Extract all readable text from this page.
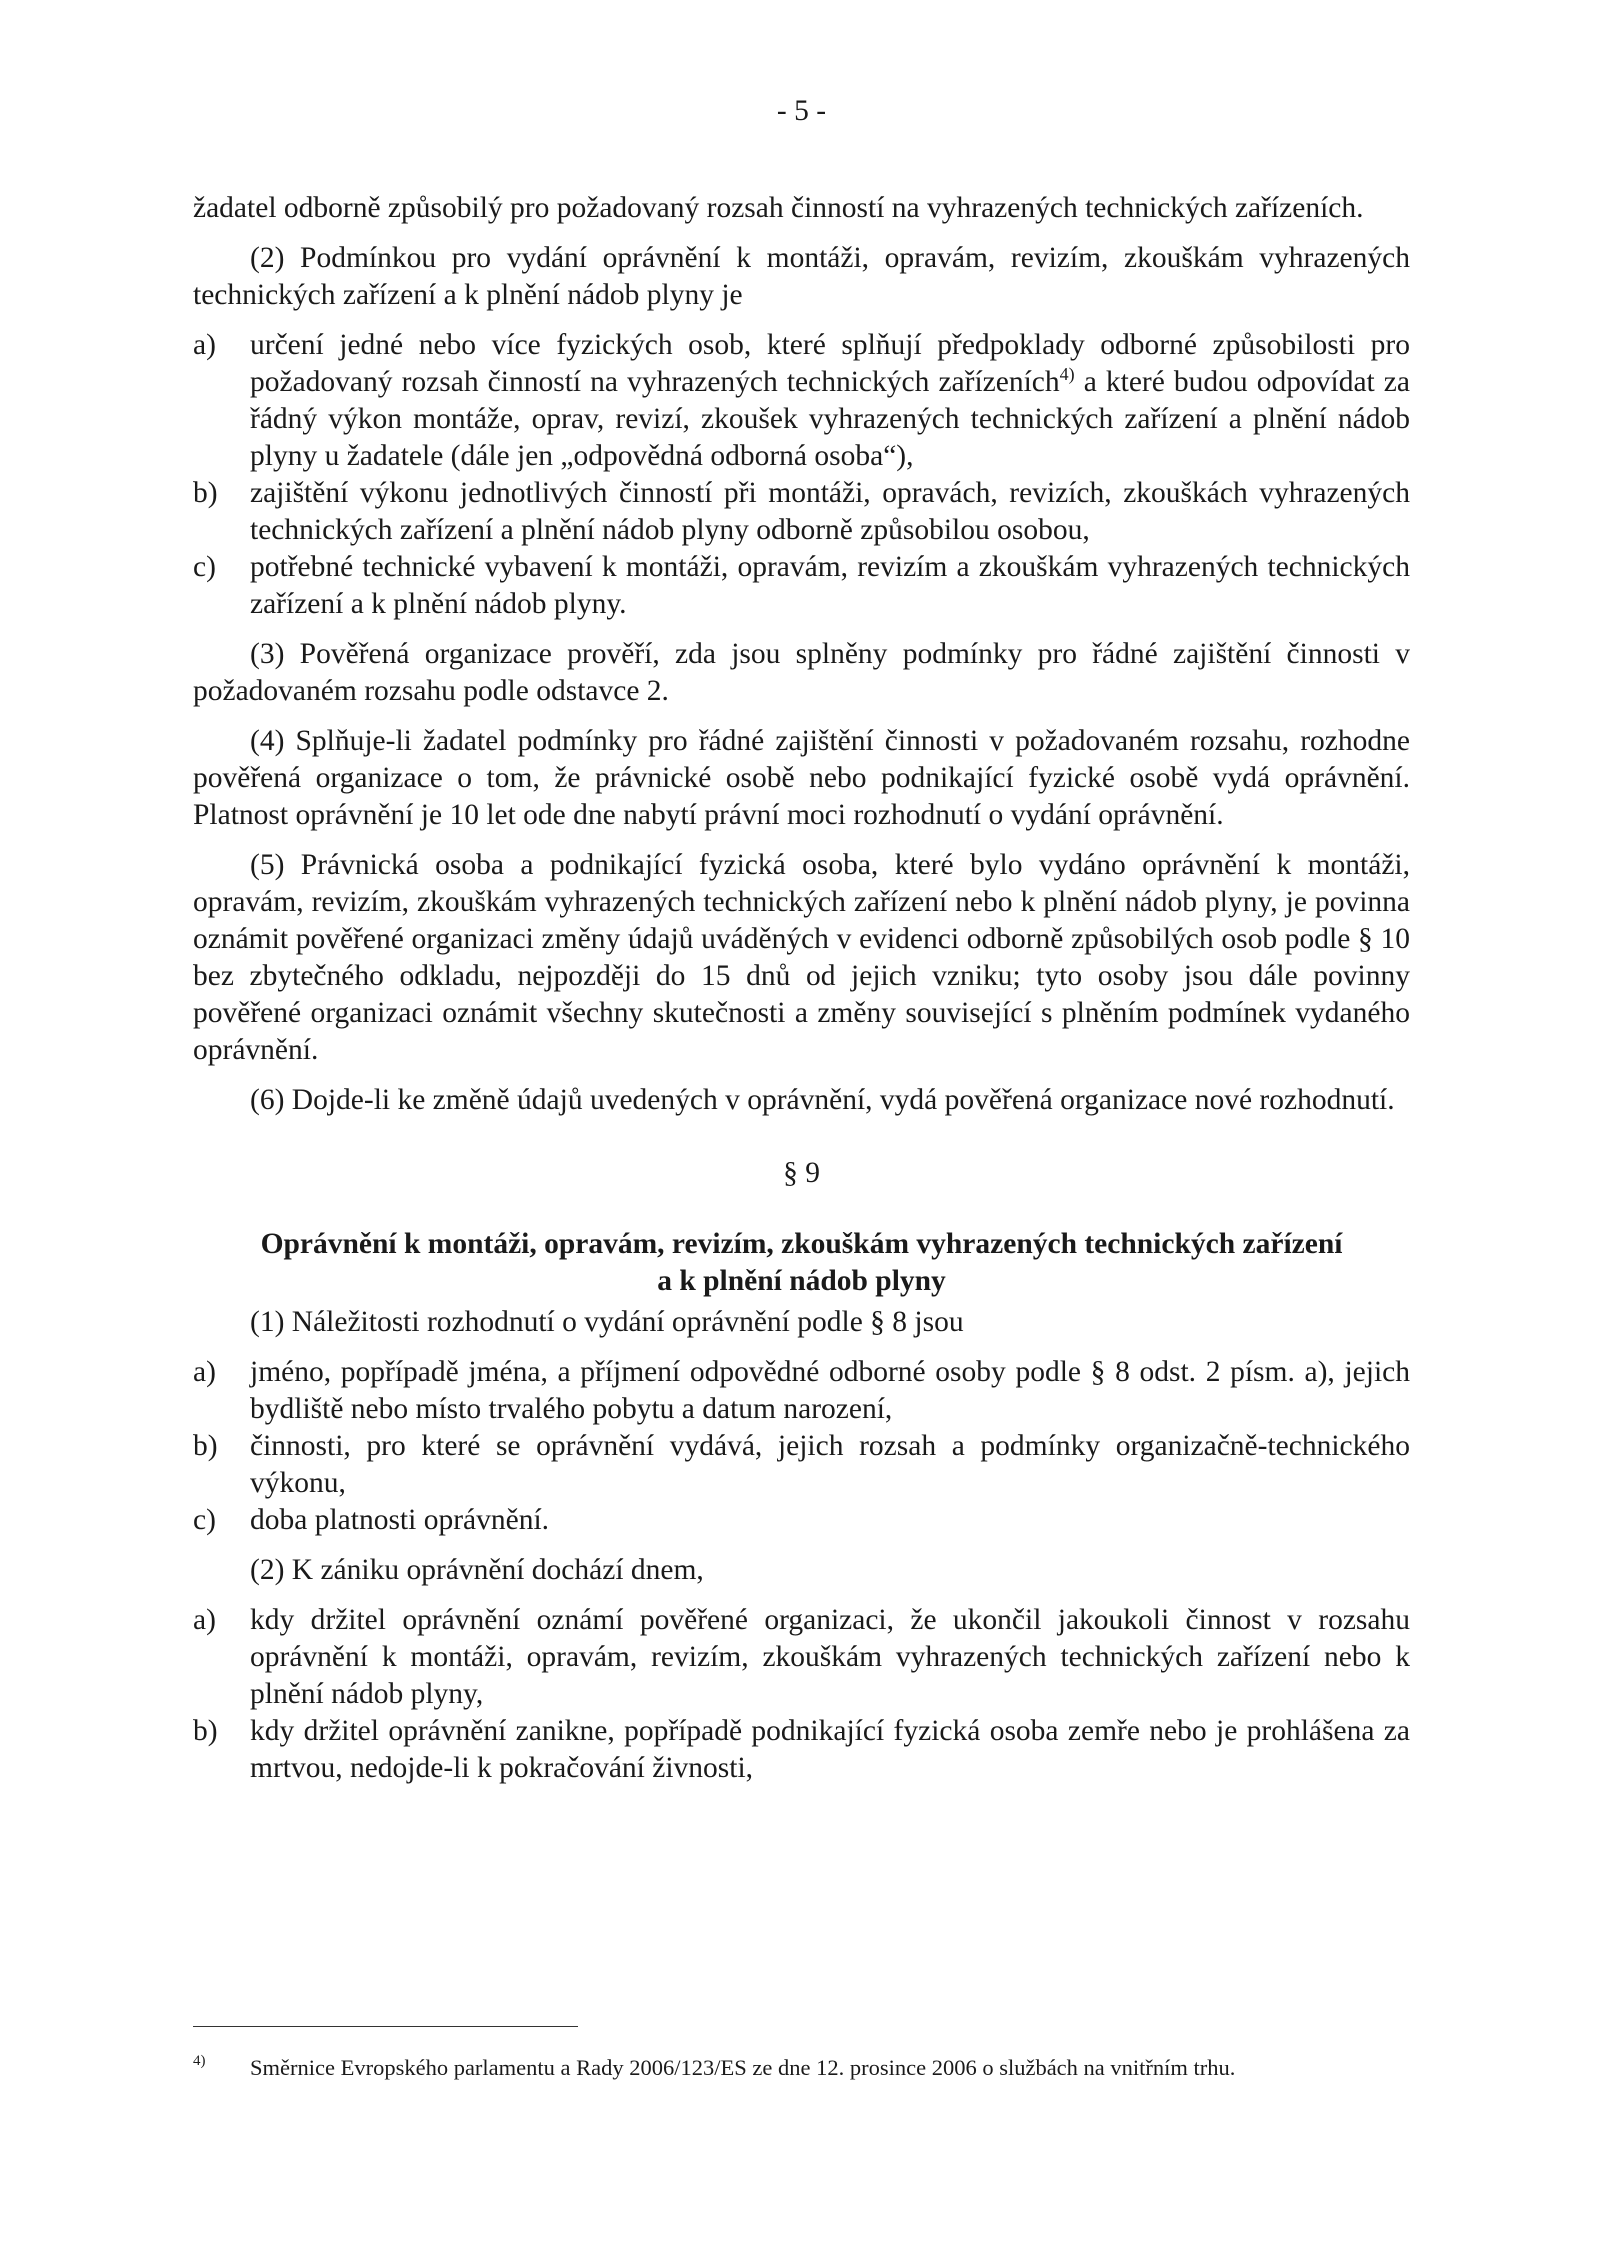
- 5 -

žadatel odborně způsobilý pro požadovaný rozsah činností na vyhrazených technických zařízeních.

(2) Podmínkou pro vydání oprávnění k montáži, opravám, revizím, zkouškám vyhrazených technických zařízení a k plnění nádob plyny je

a)	určení jedné nebo více fyzických osob, které splňují předpoklady odborné způsobilosti pro požadovaný rozsah činností na vyhrazených technických zařízeních$^{4)}$ a které budou odpovídat za řádný výkon montáže, oprav, revizí, zkoušek vyhrazených technických zařízení a plnění nádob plyny u žadatele (dále jen „odpovědná odborná osoba“),
b)	zajištění výkonu jednotlivých činností při montáži, opravách, revizích, zkouškách vyhrazených technických zařízení a plnění nádob plyny odborně způsobilou osobou,
c)	potřebné technické vybavení k montáži, opravám, revizím a zkouškám vyhrazených technických zařízení a k plnění nádob plyny.

(3) Pověřená organizace prověří, zda jsou splněny podmínky pro řádné zajištění činnosti v požadovaném rozsahu podle odstavce 2.

(4) Splňuje-li žadatel podmínky pro řádné zajištění činnosti v požadovaném rozsahu, rozhodne pověřená organizace o tom, že právnické osobě nebo podnikající fyzické osobě vydá oprávnění. Platnost oprávnění je 10 let ode dne nabytí právní moci rozhodnutí o vydání oprávnění.

(5) Právnická osoba a podnikající fyzická osoba, které bylo vydáno oprávnění k montáži, opravám, revizím, zkouškám vyhrazených technických zařízení nebo k plnění nádob plyny, je povinna oznámit pověřené organizaci změny údajů uváděných v evidenci odborně způsobilých osob podle § 10 bez zbytečného odkladu, nejpozději do 15 dnů od jejich vzniku; tyto osoby jsou dále povinny pověřené organizaci oznámit všechny skutečnosti a změny související s plněním podmínek vydaného oprávnění.

(6) Dojde-li ke změně údajů uvedených v oprávnění, vydá pověřená organizace nové rozhodnutí.

§ 9
Oprávnění k montáži, opravám, revizím, zkouškám vyhrazených technických zařízení
a k plnění nádob plyny

(1) Náležitosti rozhodnutí o vydání oprávnění podle § 8 jsou

a)	jméno, popřípadě jména, a příjmení odpovědné odborné osoby podle § 8 odst. 2 písm. a), jejich bydliště nebo místo trvalého pobytu a datum narození,
b)	činnosti, pro které se oprávnění vydává, jejich rozsah a podmínky organizačně-technického výkonu,
c)	doba platnosti oprávnění.

(2) K zániku oprávnění dochází dnem,

a)	kdy držitel oprávnění oznámí pověřené organizaci, že ukončil jakoukoli činnost v rozsahu oprávnění k montáži, opravám, revizím, zkouškám vyhrazených technických zařízení nebo k plnění nádob plyny,
b)	kdy držitel oprávnění zanikne, popřípadě podnikající fyzická osoba zemře nebo je prohlášena za mrtvou, nedojde-li k pokračování živnosti,
4)	Směrnice Evropského parlamentu a Rady 2006/123/ES ze dne 12. prosince 2006 o službách na vnitřním trhu.
